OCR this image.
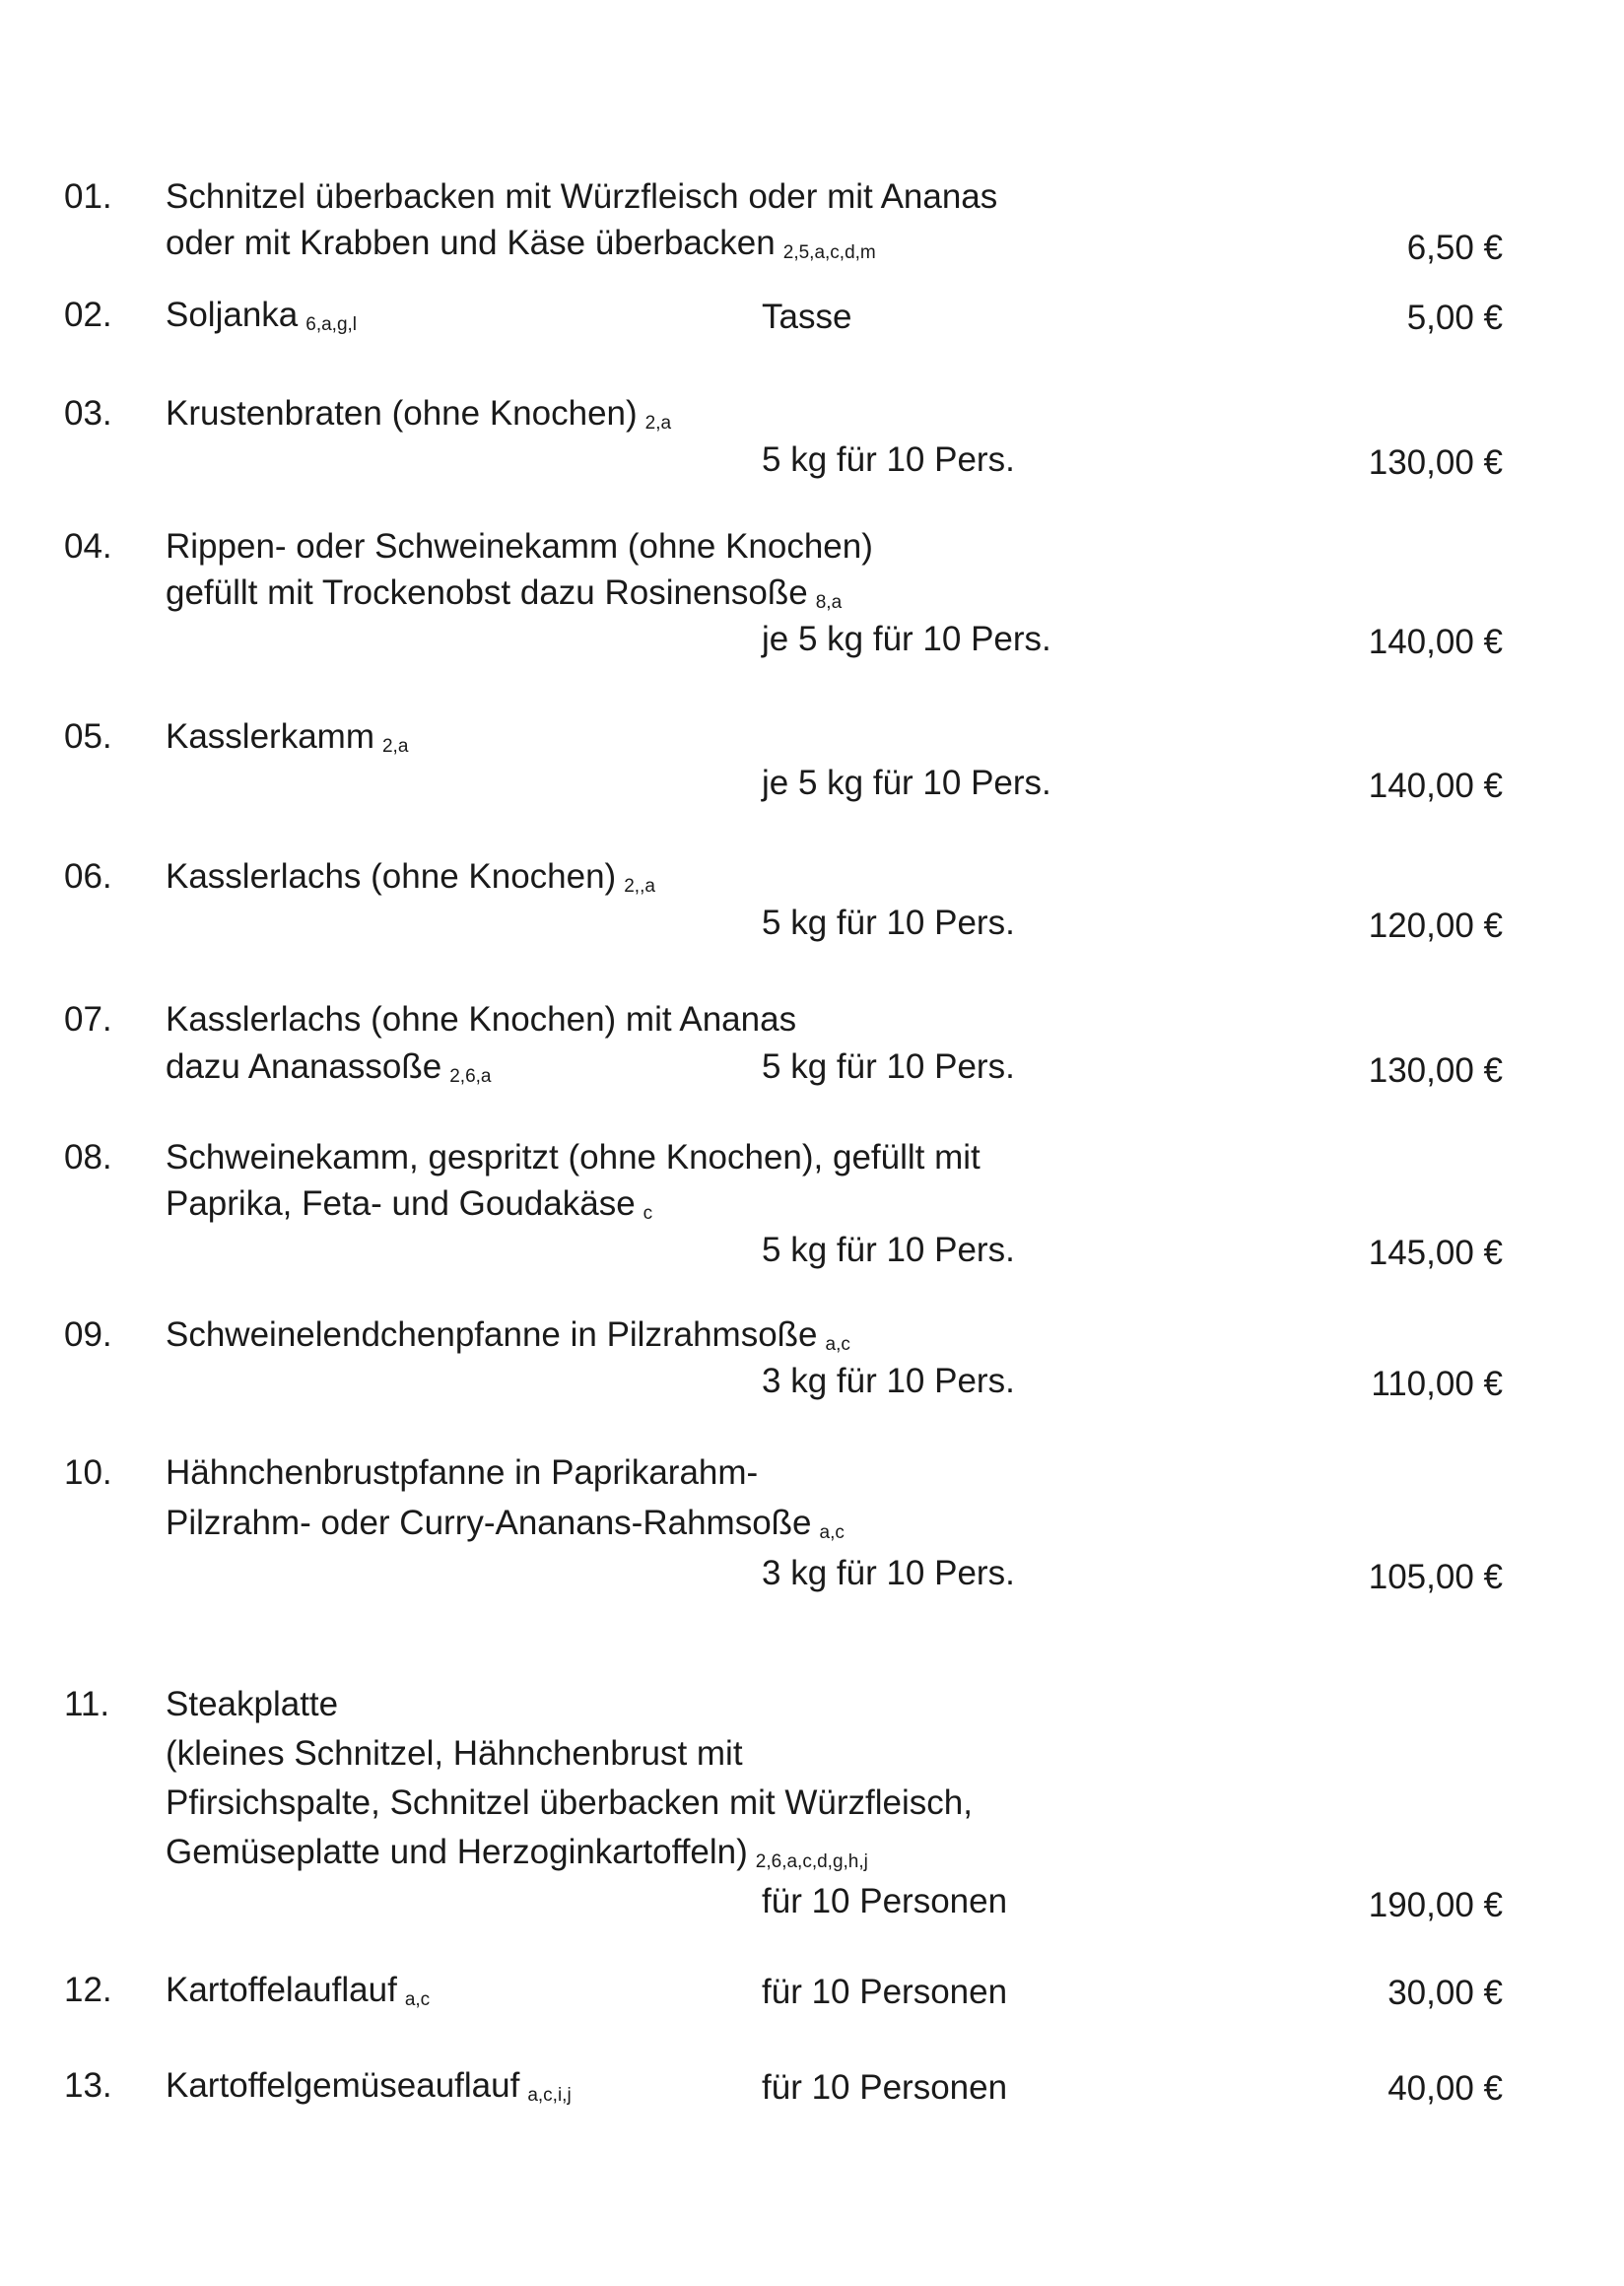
01. Schnitzel überbacken mit Würzfleisch oder mit Ananas
oder mit Krabben und Käse überbacken $_{2,5,a,c,d,m}$	6,50 €
02. Soljanka $_{6,a,g,l}$	Tasse	5,00 €
03. Krustenbraten (ohne Knochen) $_{2,a}$
5 kg für 10 Pers.	130,00 €
04. Rippen- oder Schweinekamm (ohne Knochen)
gefüllt mit Trockenobst dazu Rosinensoße $_{8,a}$
je 5 kg für 10 Pers.	140,00 €
05. Kasslerkamm $_{2,a}$
je 5 kg für 10 Pers.	140,00 €
06. Kasslerlachs (ohne Knochen) $_{2,,a}$
5 kg für 10 Pers.	120,00 €
07. Kasslerlachs (ohne Knochen) mit Ananas
dazu Ananassoße $_{2,6,a}$	5 kg für 10 Pers.	130,00 €
08. Schweinekamm, gespritzt (ohne Knochen), gefüllt mit
Paprika, Feta- und Goudakäse $_c$
5 kg für 10 Pers.	145,00 €
09. Schweinelendchenpfanne in Pilzrahmsoße $_{a,c}$
3 kg für 10 Pers.	110,00 €
10. Hähnchenbrustpfanne in Paprikarahm-
Pilzrahm- oder Curry-Ananans-Rahmsoße $_{a,c}$
3 kg für 10 Pers.	105,00 €
11. Steakplatte
(kleines Schnitzel, Hähnchenbrust mit
Pfirsichspalte, Schnitzel überbacken mit Würzfleisch,
Gemüseplatte und Herzoginkartoffeln) $_{2,6,a,c,d,g,h,j}$
für 10 Personen	190,00 €
12. Kartoffelauflauf $_{a,c}$	für 10 Personen	30,00 €
13. Kartoffelgemüseauflauf $_{a,c,i,j}$	für 10 Personen	40,00 €
